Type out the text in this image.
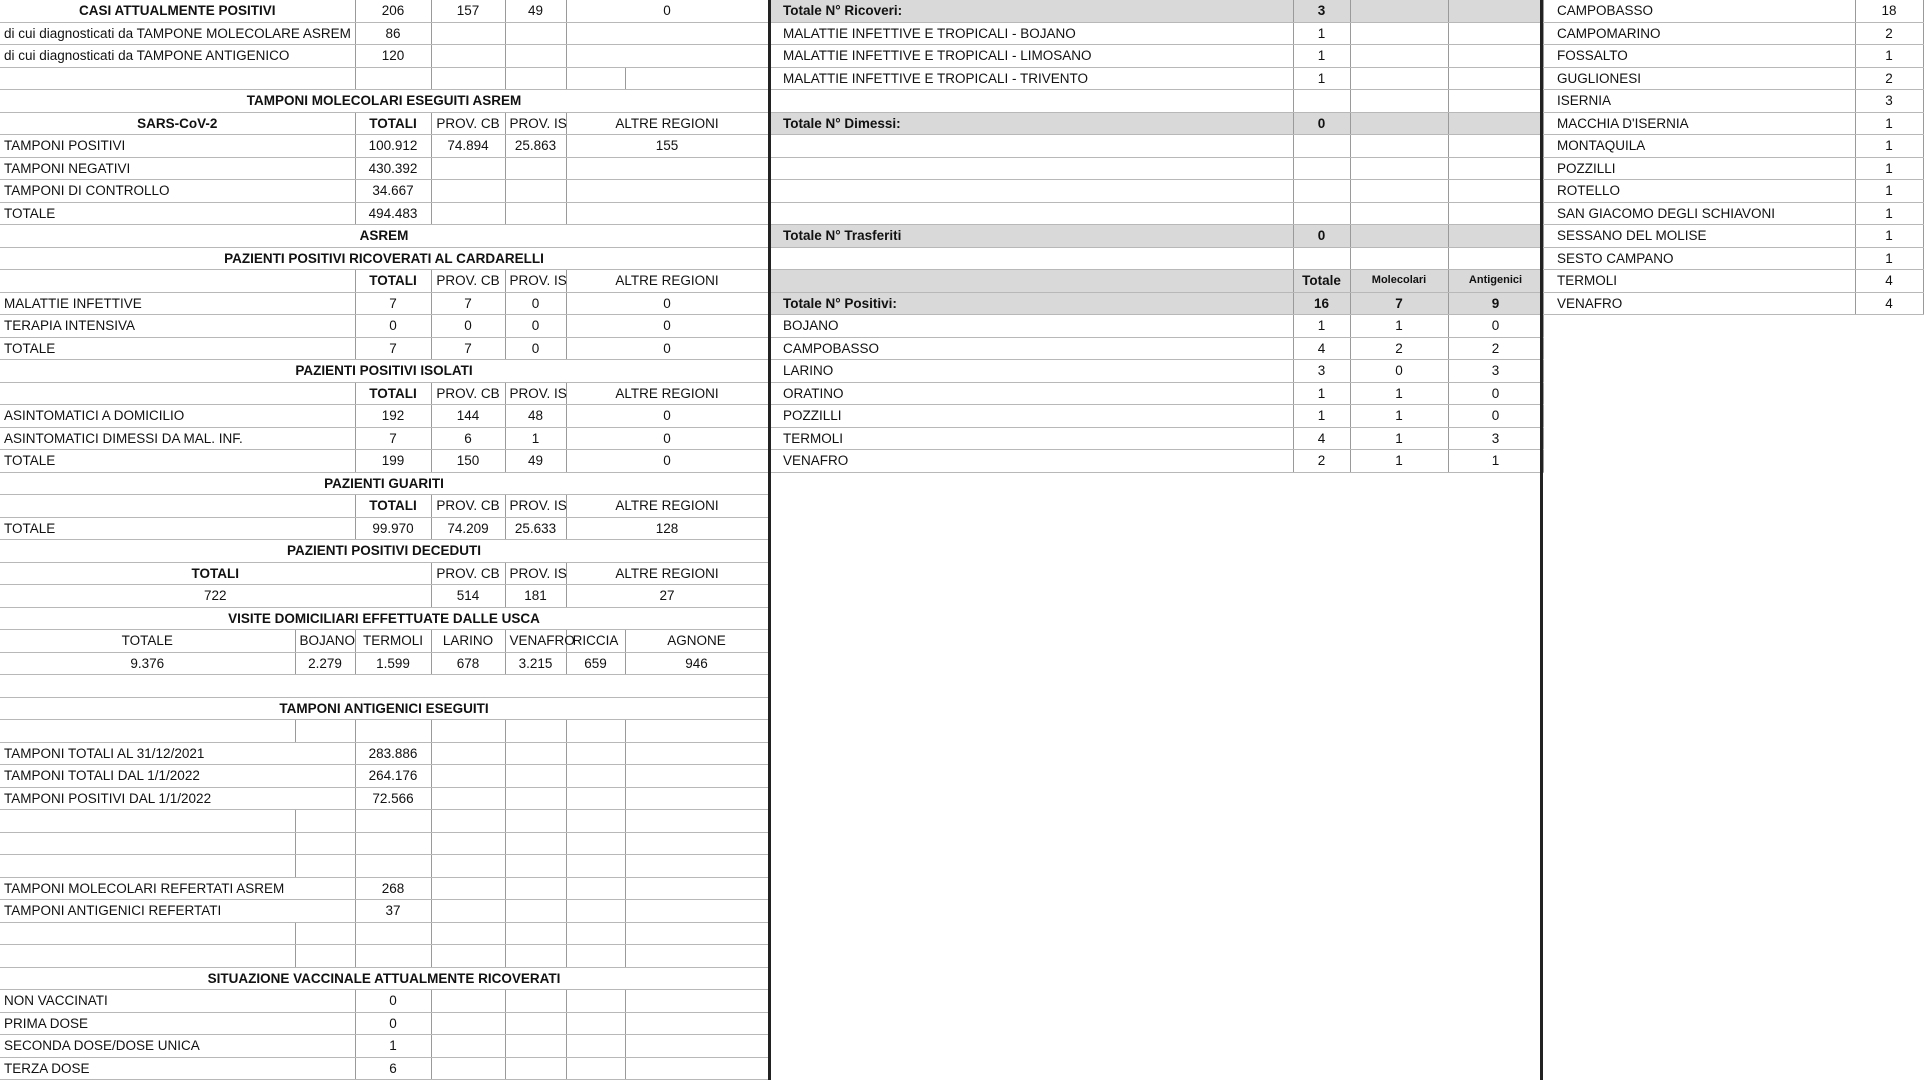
CASI ATTUALMENTE POSITIVI		206	157	49	0	
di cui diagnosticati da TAMPONE MOLECOLARE ASREM		86				
di cui diagnosticati da TAMPONE ANTIGENICO		120				

TAMPONI MOLECOLARI ESEGUITI ASREM						
SARS-CoV-2		TOTALI	PROV. CB	PROV. IS	ALTRE REGIONI	
TAMPONI POSITIVI		100.912	74.894	25.863	155	
TAMPONI NEGATIVI		430.392				
TAMPONI DI CONTROLLO		34.667				
TOTALE		494.483				
ASREM						
PAZIENTI POSITIVI RICOVERATI AL CARDARELLI						
		TOTALI	PROV. CB	PROV. IS	ALTRE REGIONI	
MALATTIE INFETTIVE		7	7	0	0	
TERAPIA INTENSIVA		0	0	0	0	
TOTALE		7	7	0	0	
PAZIENTI POSITIVI ISOLATI						
		TOTALI	PROV. CB	PROV. IS	ALTRE REGIONI	
ASINTOMATICI A DOMICILIO		192	144	48	0	
ASINTOMATICI DIMESSI DA MAL. INF.		7	6	1	0	
TOTALE		199	150	49	0	
PAZIENTI GUARITI						
		TOTALI	PROV. CB	PROV. IS	ALTRE REGIONI	
TOTALE		99.970	74.209	25.633	128	
PAZIENTI POSITIVI DECEDUTI						
TOTALI			PROV. CB	PROV. IS	ALTRE REGIONI	
722			514	181	27	
VISITE DOMICILIARI EFFETTUATE DALLE USCA						
TOTALE	BOJANO	TERMOLI	LARINO	VENAFRO	RICCIA	AGNONE
9.376	2.279	1.599	678	3.215	659	946

TAMPONI ANTIGENICI ESEGUITI						

TAMPONI TOTALI AL 31/12/2021		283.886				
TAMPONI TOTALI DAL 1/1/2022		264.176				
TAMPONI POSITIVI DAL 1/1/2022		72.566				

TAMPONI MOLECOLARI REFERTATI ASREM		268				
TAMPONI ANTIGENICI REFERTATI		37				

SITUAZIONE VACCINALE ATTUALMENTE RICOVERATI						
NON VACCINATI		0				
PRIMA DOSE		0				
SECONDA DOSE/DOSE UNICA		1				
TERZA DOSE		6				
Totale N° Ricoveri:	3		
MALATTIE INFETTIVE E TROPICALI - BOJANO	1		
MALATTIE INFETTIVE E TROPICALI - LIMOSANO	1		
MALATTIE INFETTIVE E TROPICALI - TRIVENTO	1		

Totale N° Dimessi:	0		

Totale N° Trasferiti	0		

	Totale	Molecolari	Antigenici
Totale N° Positivi:	16	7	9
BOJANO	1	1	0
CAMPOBASSO	4	2	2
LARINO	3	0	3
ORATINO	1	1	0
POZZILLI	1	1	0
TERMOLI	4	1	3
VENAFRO	2	1	1
CAMPOBASSO	18
CAMPOMARINO	2
FOSSALTO	1
GUGLIONESI	2
ISERNIA	3
MACCHIA D'ISERNIA	1
MONTAQUILA	1
POZZILLI	1
ROTELLO	1
SAN GIACOMO DEGLI SCHIAVONI	1
SESSANO DEL MOLISE	1
SESTO CAMPANO	1
TERMOLI	4
VENAFRO	4
